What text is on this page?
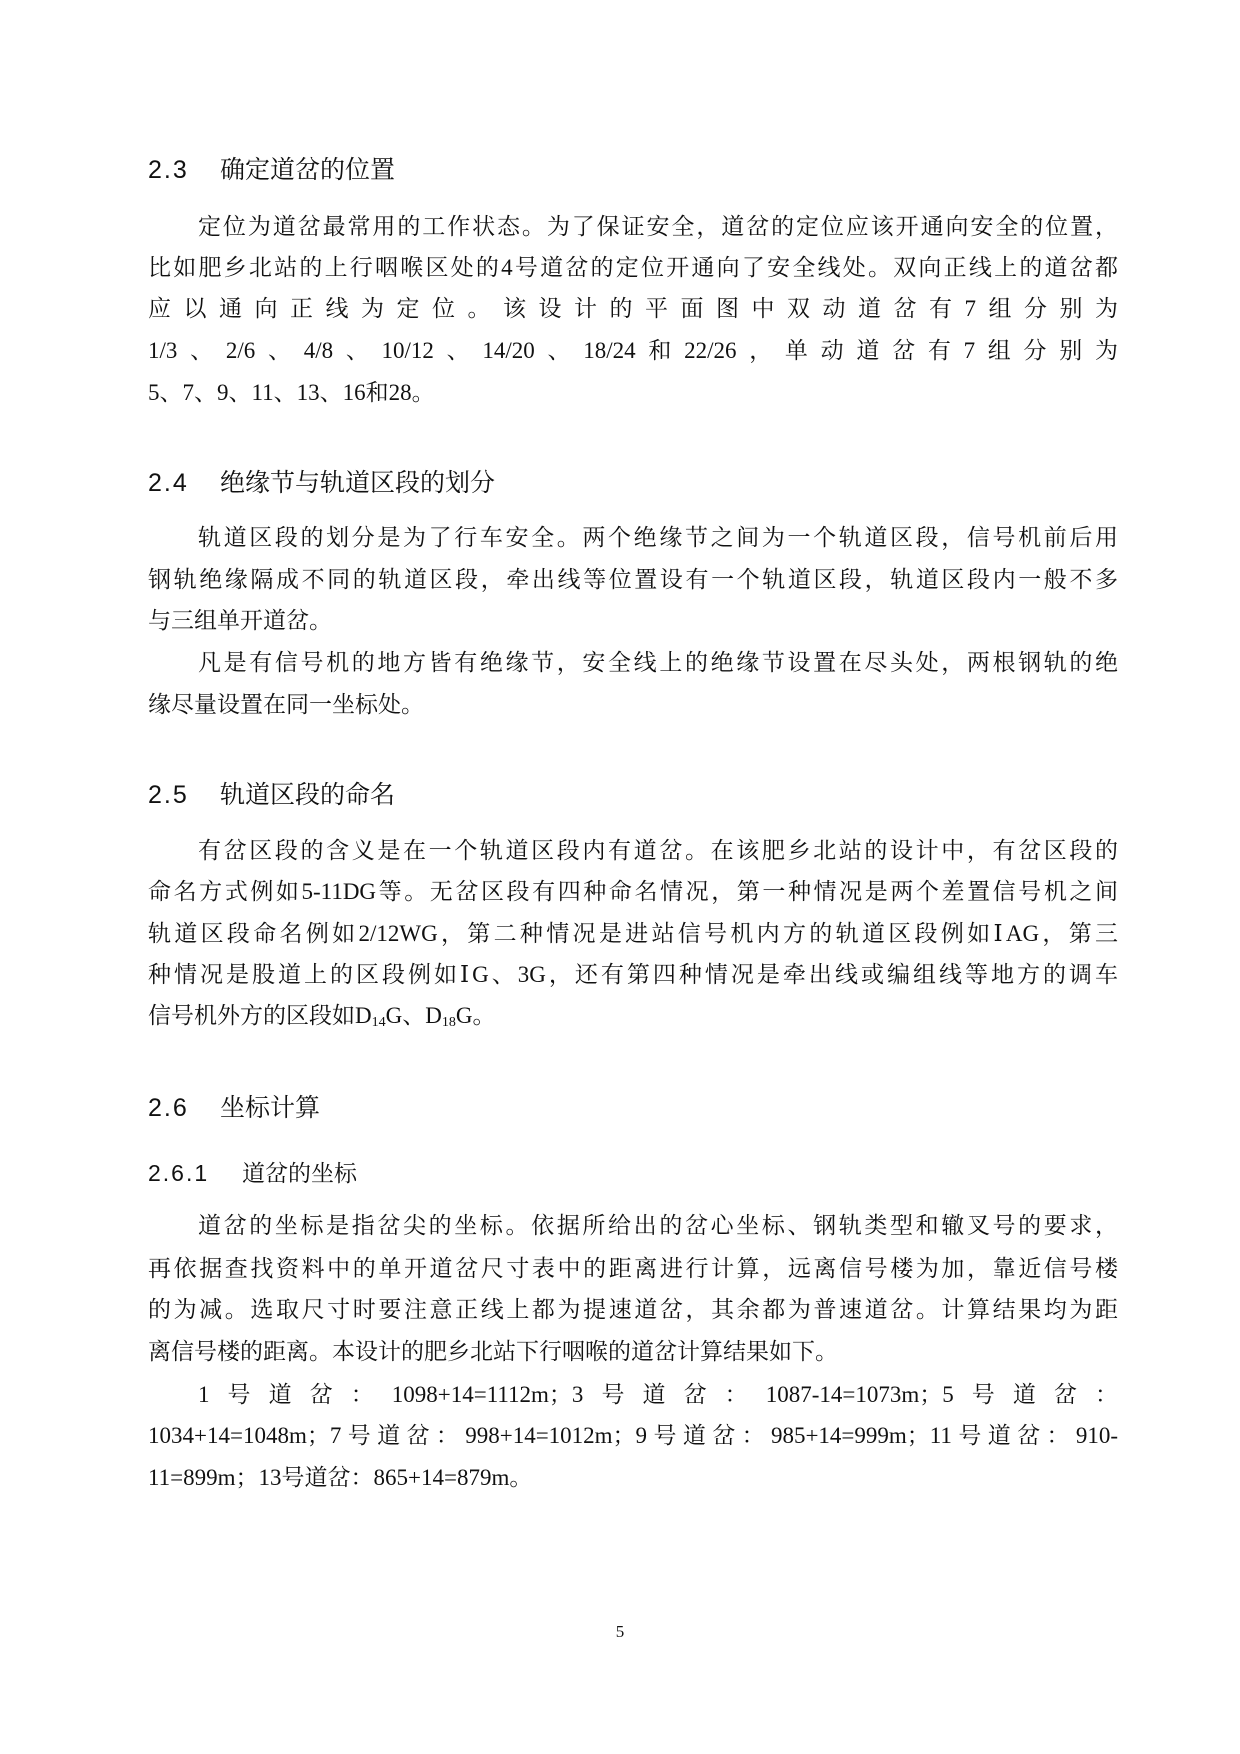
2.3 确定道岔的位置
定位为道岔最常用的工作状态。为了保证安全，道岔的定位应该开通向安全的位置，
比如肥乡北站的上行咽喉区处的4号道岔的定位开通向了安全线处。双向正线上的道岔都
应以通向正线为定位。该设计的平面图中双动道岔有7组分别为
1/3、2/6、4/8、10/12、14/20、18/24和22/26，单动道岔有7组分别为
5、7、9、11、13、16和28。
2.4 绝缘节与轨道区段的划分
轨道区段的划分是为了行车安全。两个绝缘节之间为一个轨道区段，信号机前后用
钢轨绝缘隔成不同的轨道区段，牵出线等位置设有一个轨道区段，轨道区段内一般不多
与三组单开道岔。
凡是有信号机的地方皆有绝缘节，安全线上的绝缘节设置在尽头处，两根钢轨的绝
缘尽量设置在同一坐标处。
2.5 轨道区段的命名
有岔区段的含义是在一个轨道区段内有道岔。在该肥乡北站的设计中，有岔区段的
命名方式例如5-11DG等。无岔区段有四种命名情况，第一种情况是两个差置信号机之间
轨道区段命名例如2/12WG，第二种情况是进站信号机内方的轨道区段例如ⅠAG，第三
种情况是股道上的区段例如ⅠG、3G，还有第四种情况是牵出线或编组线等地方的调车
信号机外方的区段如$D_{14}G$、$D_{18}G$。
2.6 坐标计算
2.6.1 道岔的坐标
道岔的坐标是指岔尖的坐标。依据所给出的岔心坐标、钢轨类型和辙叉号的要求，
再依据查找资料中的单开道岔尺寸表中的距离进行计算，远离信号楼为加，靠近信号楼
的为减。选取尺寸时要注意正线上都为提速道岔，其余都为普速道岔。计算结果均为距
离信号楼的距离。本设计的肥乡北站下行咽喉的道岔计算结果如下。
1号道岔：1098+14=1112m；3号道岔：1087-14=1073m；5号道岔：
1034+14=1048m；7号道岔：998+14=1012m；9号道岔：985+14=999m；11号道岔：910-
11=899m；13号道岔：865+14=879m。
5
